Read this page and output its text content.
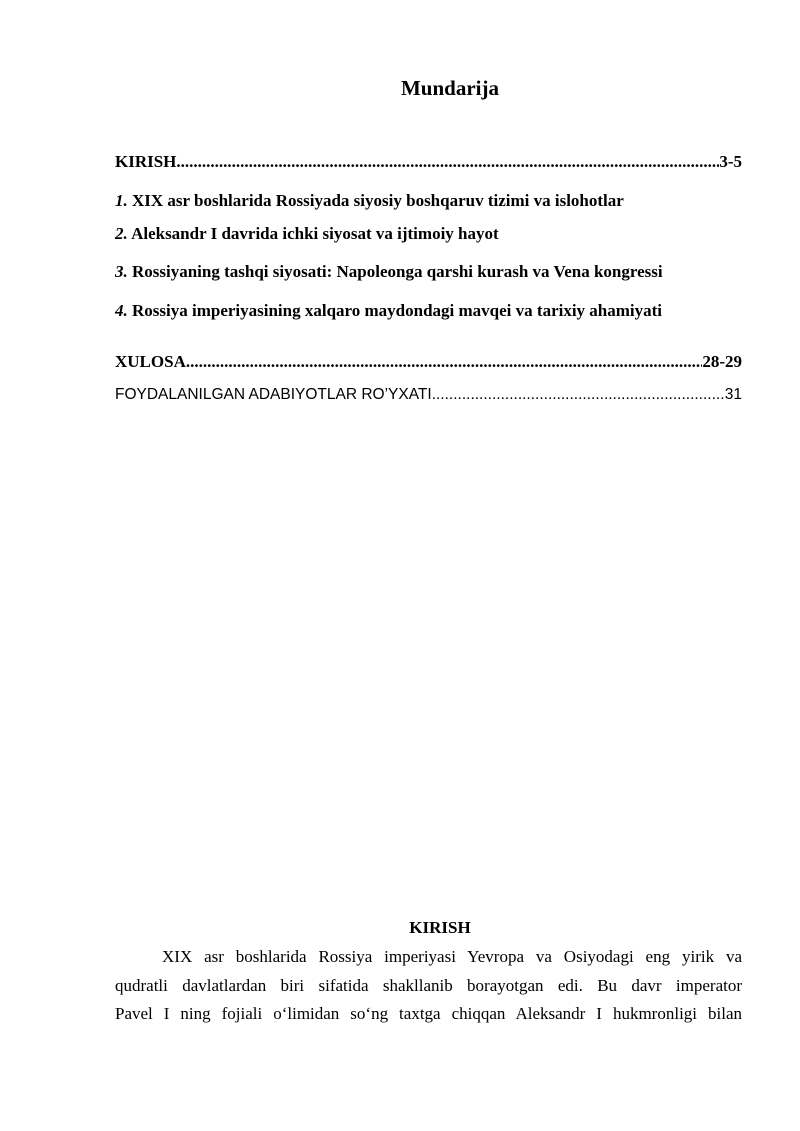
Mundarija
KIRISH .....	3-5
1. XIX asr boshlarida Rossiyada siyosiy boshqaruv tizimi va islohotlar
2. Aleksandr I davrida ichki siyosat va ijtimoiy hayot
3. Rossiyaning tashqi siyosati: Napoleonga qarshi kurash va Vena kongressi
4. Rossiya imperiyasining xalqaro maydondagi mavqei va tarixiy ahamiyati
XULOSA .....	28-29
FOYDALANILGAN ADABIYOTLAR RO’YXATI .....	31
KIRISH
XIX asr boshlarida Rossiya imperiyasi Yevropa va Osiyodagi eng yirik va
qudratli davlatlardan biri sifatida shakllanib borayotgan edi. Bu davr imperator
Pavel I ning fojiali o‘limidan so‘ng taxtga chiqqan Aleksandr I hukmronligi bilan
